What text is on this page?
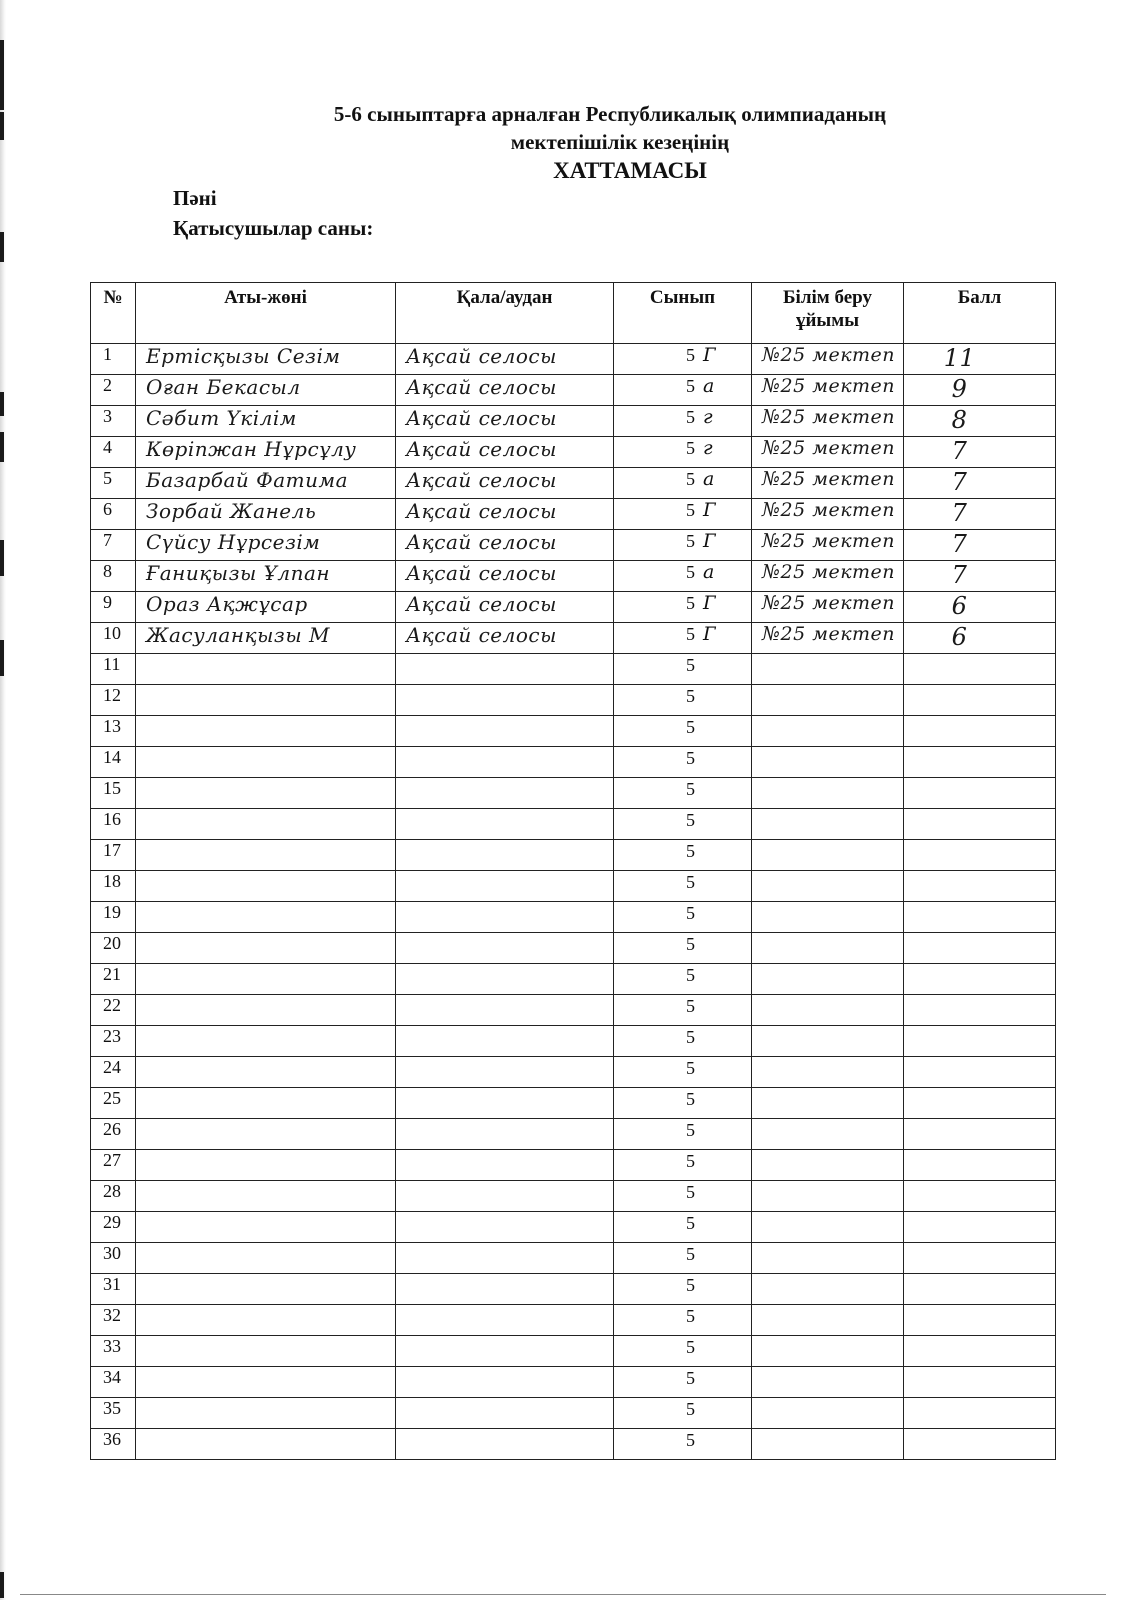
5-6 сыныптарға арналған Республикалық олимпиаданың
мектепішілік кезеңінің
ХАТТАМАСЫ
Пәні
Қатысушылар саны:
№	Аты-жөні	Қала/аудан	Сынып	Білім беру ұйымы	Балл
1	Ертісқызы Сезім	Ақсай селосы	5 Г	№25 мектеп	11
2	Оған Бекасыл	Ақсай селосы	5 а	№25 мектеп	9
3	Сәбит Үкілім	Ақсай селосы	5 г	№25 мектеп	8
4	Көріпжан Нұрсұлу	Ақсай селосы	5 г	№25 мектеп	7
5	Базарбай Фатима	Ақсай селосы	5 а	№25 мектеп	7
6	Зорбай Жанель	Ақсай селосы	5 Г	№25 мектеп	7
7	Сүйсу Нұрсезім	Ақсай селосы	5 Г	№25 мектеп	7
8	Ғаниқызы Ұлпан	Ақсай селосы	5 а	№25 мектеп	7
9	Ораз Ақжұсар	Ақсай селосы	5 Г	№25 мектеп	6
10	Жасуланқызы М	Ақсай селосы	5 Г	№25 мектеп	6
11			5		
12			5		
13			5		
14			5		
15			5		
16			5		
17			5		
18			5		
19			5		
20			5		
21			5		
22			5		
23			5		
24			5		
25			5		
26			5		
27			5		
28			5		
29			5		
30			5		
31			5		
32			5		
33			5		
34			5		
35			5		
36			5		
